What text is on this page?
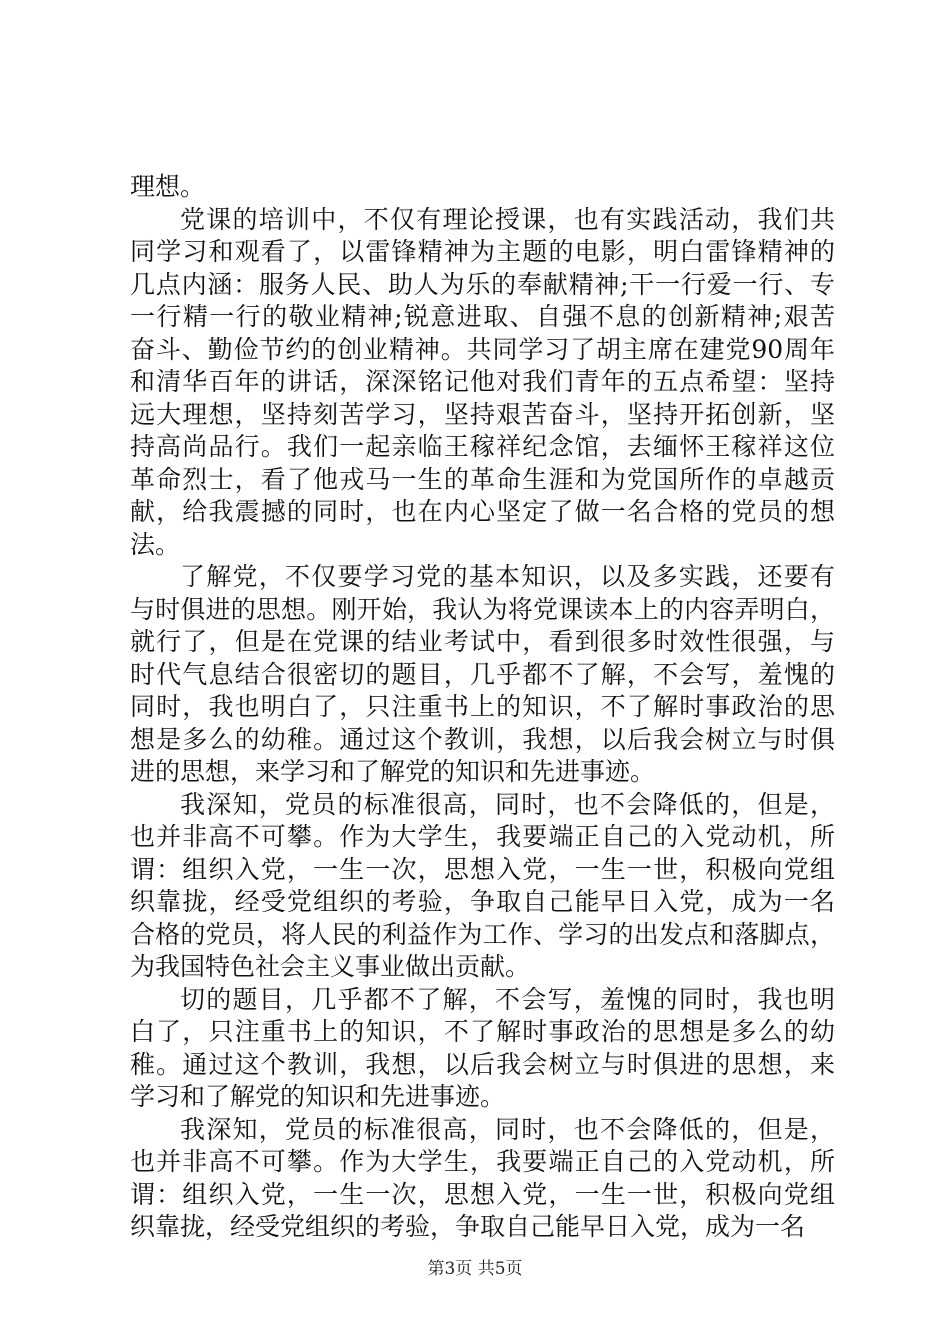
理想。
党课的培训中，不仅有理论授课，也有实践活动，我们共
同学习和观看了，以雷锋精神为主题的电影，明白雷锋精神的
几点内涵：服务人民、助人为乐的奉献精神;干一行爱一行、专
一行精一行的敬业精神;锐意进取、自强不息的创新精神;艰苦
奋斗、勤俭节约的创业精神。共同学习了胡主席在建党90周年
和清华百年的讲话，深深铭记他对我们青年的五点希望：坚持
远大理想，坚持刻苦学习，坚持艰苦奋斗，坚持开拓创新，坚
持高尚品行。我们一起亲临王稼祥纪念馆，去缅怀王稼祥这位
革命烈士，看了他戎马一生的革命生涯和为党国所作的卓越贡
献，给我震撼的同时，也在内心坚定了做一名合格的党员的想
法。
了解党，不仅要学习党的基本知识，以及多实践，还要有
与时俱进的思想。刚开始，我认为将党课读本上的内容弄明白，
就行了，但是在党课的结业考试中，看到很多时效性很强，与
时代气息结合很密切的题目，几乎都不了解，不会写，羞愧的
同时，我也明白了，只注重书上的知识，不了解时事政治的思
想是多么的幼稚。通过这个教训，我想，以后我会树立与时俱
进的思想，来学习和了解党的知识和先进事迹。
我深知，党员的标准很高，同时，也不会降低的，但是，
也并非高不可攀。作为大学生，我要端正自己的入党动机，所
谓：组织入党，一生一次，思想入党，一生一世，积极向党组
织靠拢，经受党组织的考验，争取自己能早日入党，成为一名
合格的党员，将人民的利益作为工作、学习的出发点和落脚点，
为我国特色社会主义事业做出贡献。
切的题目，几乎都不了解，不会写，羞愧的同时，我也明
白了，只注重书上的知识，不了解时事政治的思想是多么的幼
稚。通过这个教训，我想，以后我会树立与时俱进的思想，来
学习和了解党的知识和先进事迹。
我深知，党员的标准很高，同时，也不会降低的，但是，
也并非高不可攀。作为大学生，我要端正自己的入党动机，所
谓：组织入党，一生一次，思想入党，一生一世，积极向党组
织靠拢，经受党组织的考验，争取自己能早日入党，成为一名
第3页 共5页
